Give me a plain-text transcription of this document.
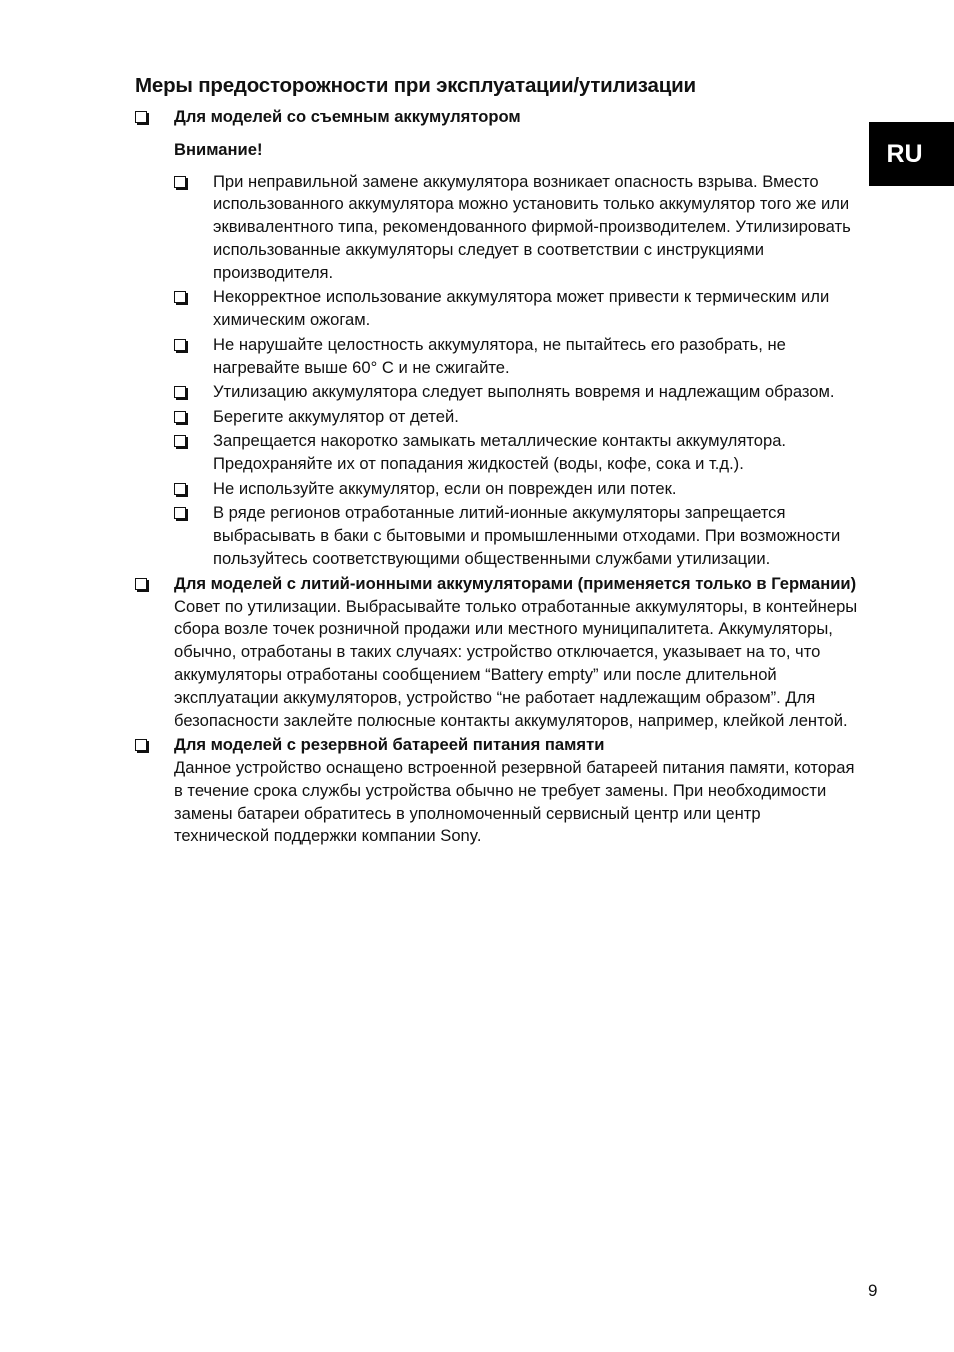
Меры предосторожности при эксплуатации/утилизации
RU
Для моделей со съемным аккумулятором
Внимание!

При неправильной замене аккумулятора возникает опасность взрыва. Вместо использованного аккумулятора можно установить только аккумулятор того же или эквивалентного типа, рекомендованного фирмой-производителем. Утилизировать использованные аккумуляторы следует в соответствии с инструкциями производителя.

Некорректное использование аккумулятора может привести к термическим или химическим ожогам.

Не нарушайте целостность аккумулятора, не пытайтесь его разобрать, не нагревайте выше 60° C и не сжигайте.

Утилизацию аккумулятора следует выполнять вовремя и надлежащим образом.

Берегите аккумулятор от детей.

Запрещается накоротко замыкать металлические контакты аккумулятора. Предохраняйте их от попадания жидкостей (воды, кофе, сока и т.д.).

Не используйте аккумулятор, если он поврежден или потек.

В ряде регионов отработанные литий-ионные аккумуляторы запрещается выбрасывать в баки с бытовыми и промышленными отходами. При возможности пользуйтесь соответствующими общественными службами утилизации.

Для моделей с литий-ионными аккумуляторами (применяется только в Германии)

Совет по утилизации. Выбрасывайте только отработанные аккумуляторы, в контейнеры сбора возле точек розничной продажи или местного муниципалитета. Аккумуляторы, обычно, отработаны в таких случаях: устройство отключается, указывает на то, что аккумуляторы отработаны сообщением “Battery empty” или после длительной эксплуатации аккумуляторов, устройство “не работает надлежащим образом”. Для безопасности заклейте полюсные контакты аккумуляторов, например, клейкой лентой.

Для моделей с резервной батареей питания памяти

Данное устройство оснащено встроенной резервной батареей питания памяти, которая в течение срока службы устройства обычно не требует замены. При необходимости замены батареи обратитесь в уполномоченный сервисный центр или центр технической поддержки компании Sony.

9
